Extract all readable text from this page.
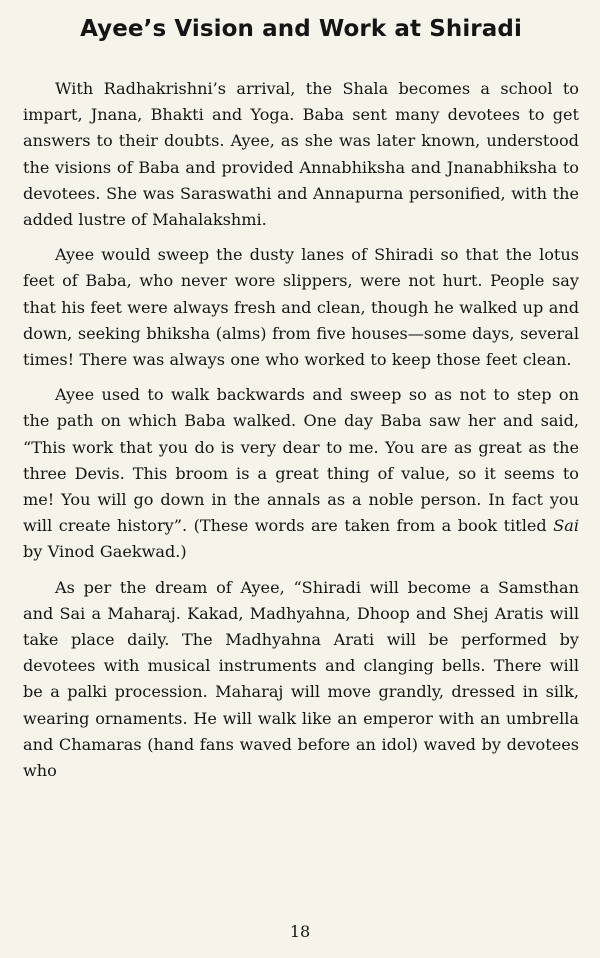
Ayee’s Vision and Work at Shiradi

With Radhakrishni’s arrival, the Shala becomes a school to impart, Jnana, Bhakti and Yoga. Baba sent many devotees to get answers to their doubts. Ayee, as she was later known, understood the visions of Baba and provided Annabhiksha and Jnanabhiksha to devotees. She was Saraswathi and Annapurna personified, with the added lustre of Mahalakshmi.

Ayee would sweep the dusty lanes of Shiradi so that the lotus feet of Baba, who never wore slippers, were not hurt. People say that his feet were always fresh and clean, though he walked up and down, seeking bhiksha (alms) from five houses—some days, several times! There was always one who worked to keep those feet clean.

Ayee used to walk backwards and sweep so as not to step on the path on which Baba walked. One day Baba saw her and said, “This work that you do is very dear to me. You are as great as the three Devis. This broom is a great thing of value, so it seems to me! You will go down in the annals as a noble person. In fact you will create history”. (These words are taken from a book titled Sai by Vinod Gaekwad.)

As per the dream of Ayee, “Shiradi will become a Samsthan and Sai a Maharaj. Kakad, Madhyahna, Dhoop and Shej Aratis will take place daily. The Madhyahna Arati will be performed by devotees with musical instruments and clanging bells. There will be a palki procession. Maharaj will move grandly, dressed in silk, wearing ornaments. He will walk like an emperor with an umbrella and Chamaras (hand fans waved before an idol) waved by devotees who

18
